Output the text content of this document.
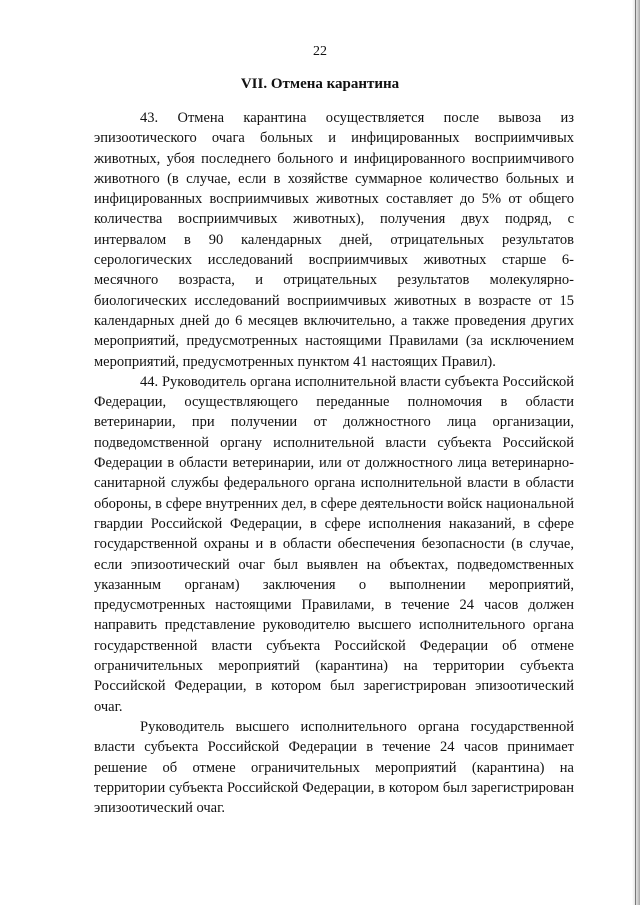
22
VII. Отмена карантина

43. Отмена карантина осуществляется после вывоза из эпизоотического очага больных и инфицированных восприимчивых животных, убоя последнего больного и инфицированного восприимчивого животного (в случае, если в хозяйстве суммарное количество больных и инфицированных восприимчивых животных составляет до 5% от общего количества восприимчивых животных), получения двух подряд, с интервалом в 90 календарных дней, отрицательных результатов серологических исследований восприимчивых животных старше 6-месячного возраста, и отрицательных результатов молекулярно-биологических исследований восприимчивых животных в возрасте от 15 календарных дней до 6 месяцев включительно, а также проведения других мероприятий, предусмотренных настоящими Правилами (за исключением мероприятий, предусмотренных пунктом 41 настоящих Правил).

44. Руководитель органа исполнительной власти субъекта Российской Федерации, осуществляющего переданные полномочия в области ветеринарии, при получении от должностного лица организации, подведомственной органу исполнительной власти субъекта Российской Федерации в области ветеринарии, или от должностного лица ветеринарно-санитарной службы федерального органа исполнительной власти в области обороны, в сфере внутренних дел, в сфере деятельности войск национальной гвардии Российской Федерации, в сфере исполнения наказаний, в сфере государственной охраны и в области обеспечения безопасности (в случае, если эпизоотический очаг был выявлен на объектах, подведомственных указанным органам) заключения о выполнении мероприятий, предусмотренных настоящими Правилами, в течение 24 часов должен направить представление руководителю высшего исполнительного органа государственной власти субъекта Российской Федерации об отмене ограничительных мероприятий (карантина) на территории субъекта Российской Федерации, в котором был зарегистрирован эпизоотический очаг.

Руководитель высшего исполнительного органа государственной власти субъекта Российской Федерации в течение 24 часов принимает решение об отмене ограничительных мероприятий (карантина) на территории субъекта Российской Федерации, в котором был зарегистрирован эпизоотический очаг.
